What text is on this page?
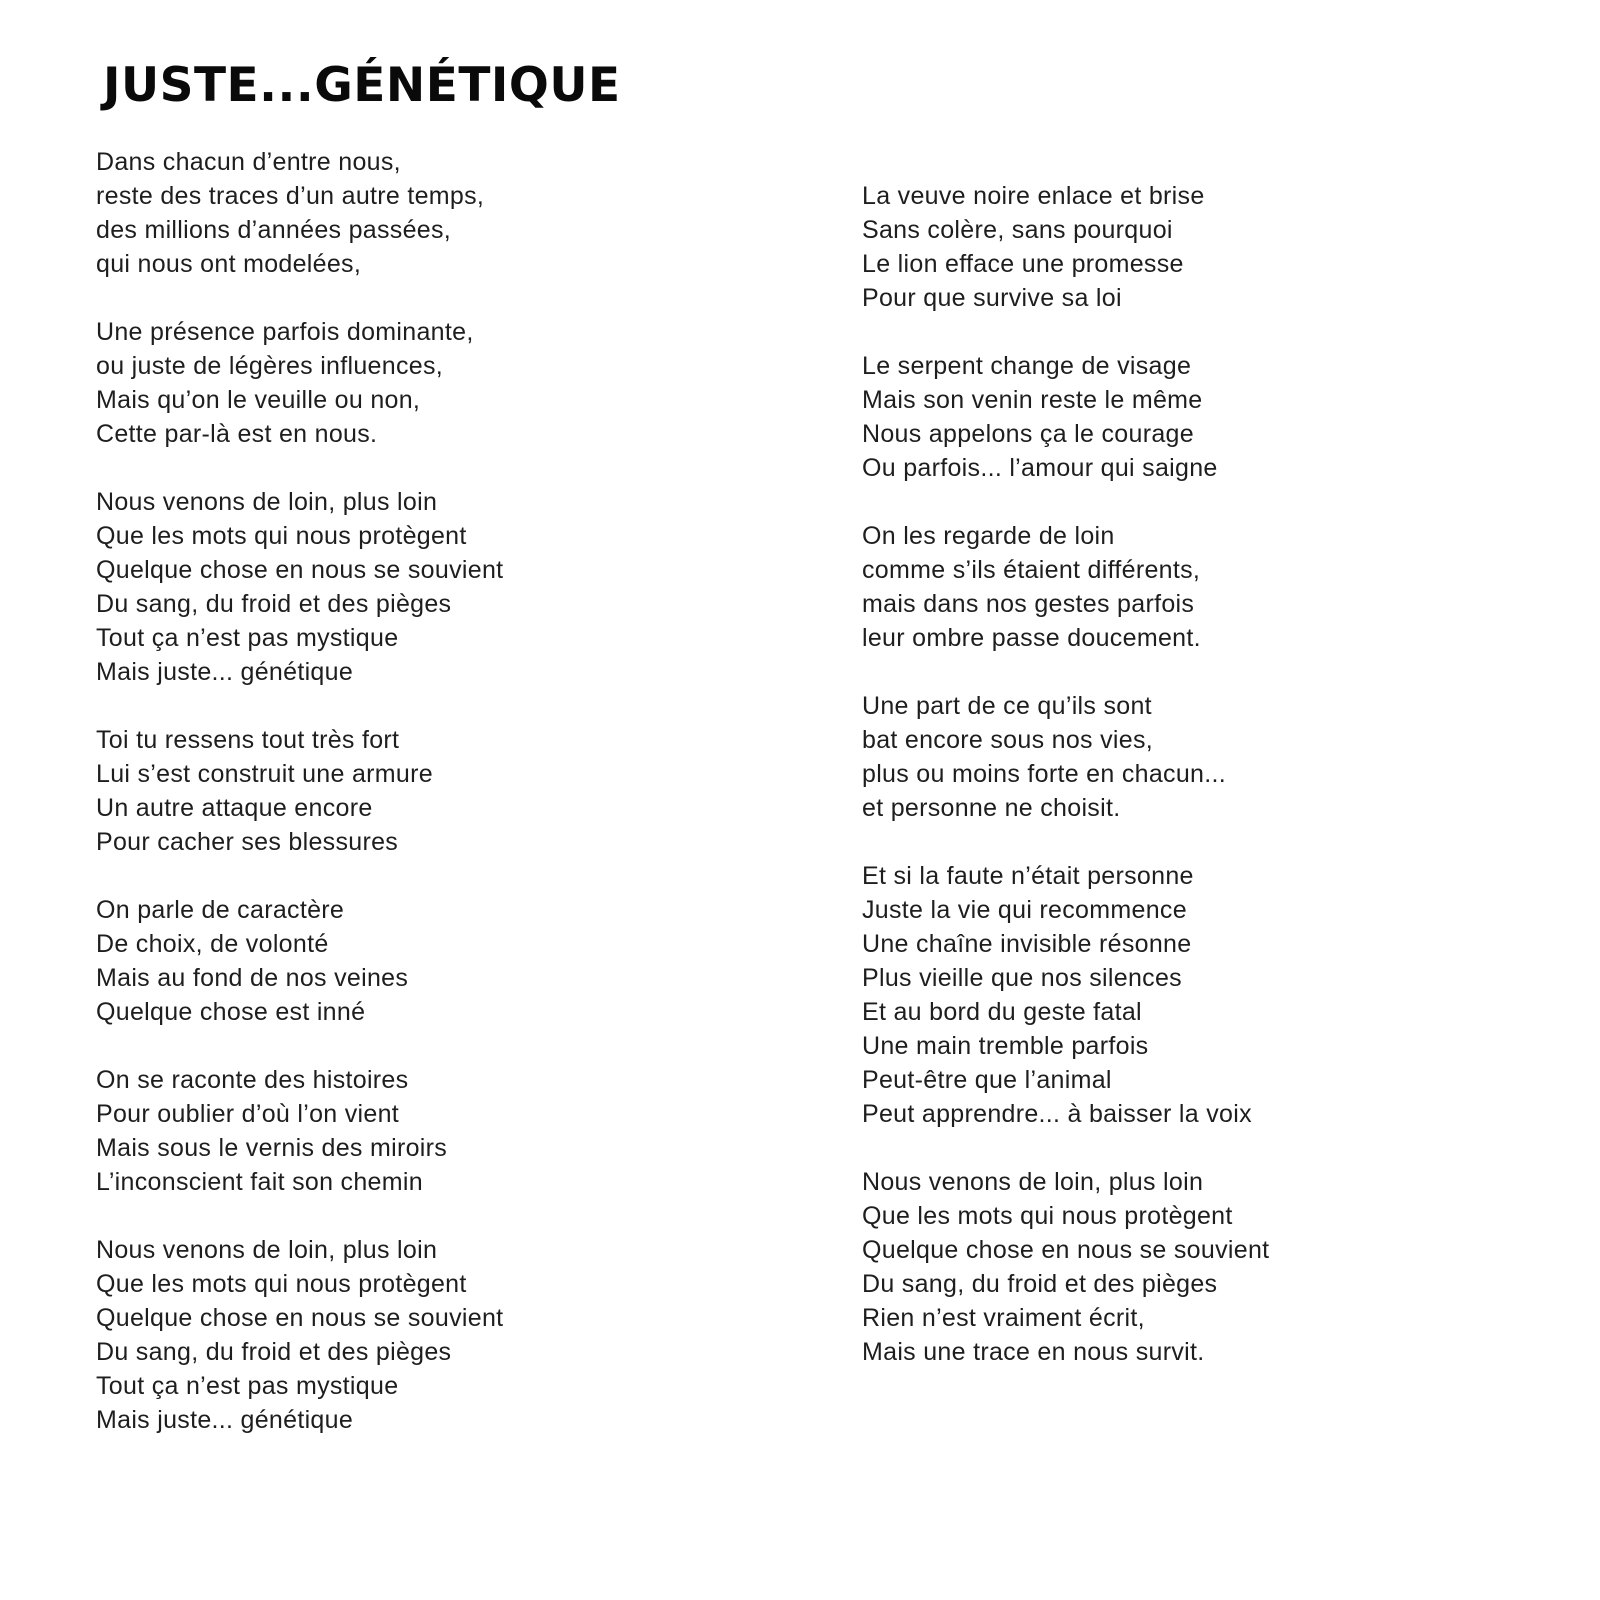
JUSTE...GÉNÉTIQUE
Dans chacun d’entre nous,
reste des traces d’un autre temps,
des millions d’années passées,
qui nous ont modelées,
Une présence parfois dominante,
ou juste de légères influences,
Mais qu’on le veuille ou non,
Cette par-là est en nous.
Nous venons de loin, plus loin
Que les mots qui nous protègent
Quelque chose en nous se souvient
Du sang, du froid et des pièges
Tout ça n’est pas mystique
Mais juste... génétique
Toi tu ressens tout très fort
Lui s’est construit une armure
Un autre attaque encore
Pour cacher ses blessures
On parle de caractère
De choix, de volonté
Mais au fond de nos veines
Quelque chose est inné
On se raconte des histoires
Pour oublier d’où l’on vient
Mais sous le vernis des miroirs
L’inconscient fait son chemin
Nous venons de loin, plus loin
Que les mots qui nous protègent
Quelque chose en nous se souvient
Du sang, du froid et des pièges
Tout ça n’est pas mystique
Mais juste... génétique
La veuve noire enlace et brise
Sans colère, sans pourquoi
Le lion efface une promesse
Pour que survive sa loi
Le serpent change de visage
Mais son venin reste le même
Nous appelons ça le courage
Ou parfois... l’amour qui saigne
On les regarde de loin
comme s’ils étaient différents,
mais dans nos gestes parfois
leur ombre passe doucement.
Une part de ce qu’ils sont
bat encore sous nos vies,
plus ou moins forte en chacun...
et personne ne choisit.
Et si la faute n’était personne
Juste la vie qui recommence
Une chaîne invisible résonne
Plus vieille que nos silences
Et au bord du geste fatal
Une main tremble parfois
Peut-être que l’animal
Peut apprendre... à baisser la voix
Nous venons de loin, plus loin
Que les mots qui nous protègent
Quelque chose en nous se souvient
Du sang, du froid et des pièges
Rien n’est vraiment écrit,
Mais une trace en nous survit.
